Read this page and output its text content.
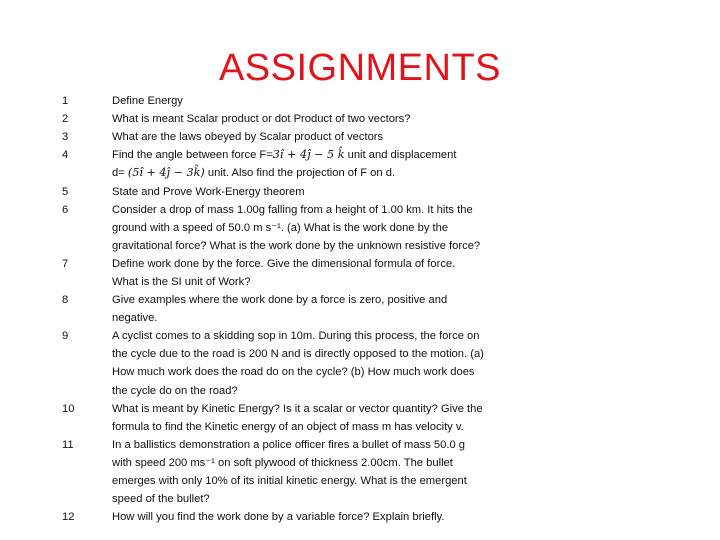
ASSIGNMENTS
1	Define Energy
2	What is meant Scalar product or dot Product of two vectors?
3	What are the laws obeyed by Scalar product of vectors
4	Find the angle between force F=3î + 4ĵ − 5 k̂ unit and displacement
d= (5î + 4ĵ − 3k̂) unit. Also find the projection of F on d.
5	State and Prove Work-Energy theorem
6	Consider a drop of mass 1.00g falling from a height of 1.00 km. It hits the
ground with a speed of 50.0 m s⁻¹. (a) What is the work done by the
gravitational force? What is the work done by the unknown resistive force?
7	Define work done by the force. Give the dimensional formula of force.
What is the SI unit of Work?
8	Give examples where the work done by a force is zero, positive and
negative.
9	A cyclist comes to a skidding sop in 10m. During this process, the force on
the cycle due to the road is 200 N and is directly opposed to the motion. (a)
How much work does the road do on the cycle? (b) How much work does
the cycle do on the road?
10	What is meant by Kinetic Energy? Is it a scalar or vector quantity? Give the
formula to find the Kinetic energy of an object of mass m has velocity v.
11	In a ballistics demonstration a police officer fires a bullet of mass 50.0 g
with speed 200 ms⁻¹ on soft plywood of thickness 2.00cm. The bullet
emerges with only 10% of its initial kinetic energy. What is the emergent
speed of the bullet?
12	How will you find the work done by a variable force? Explain briefly.
